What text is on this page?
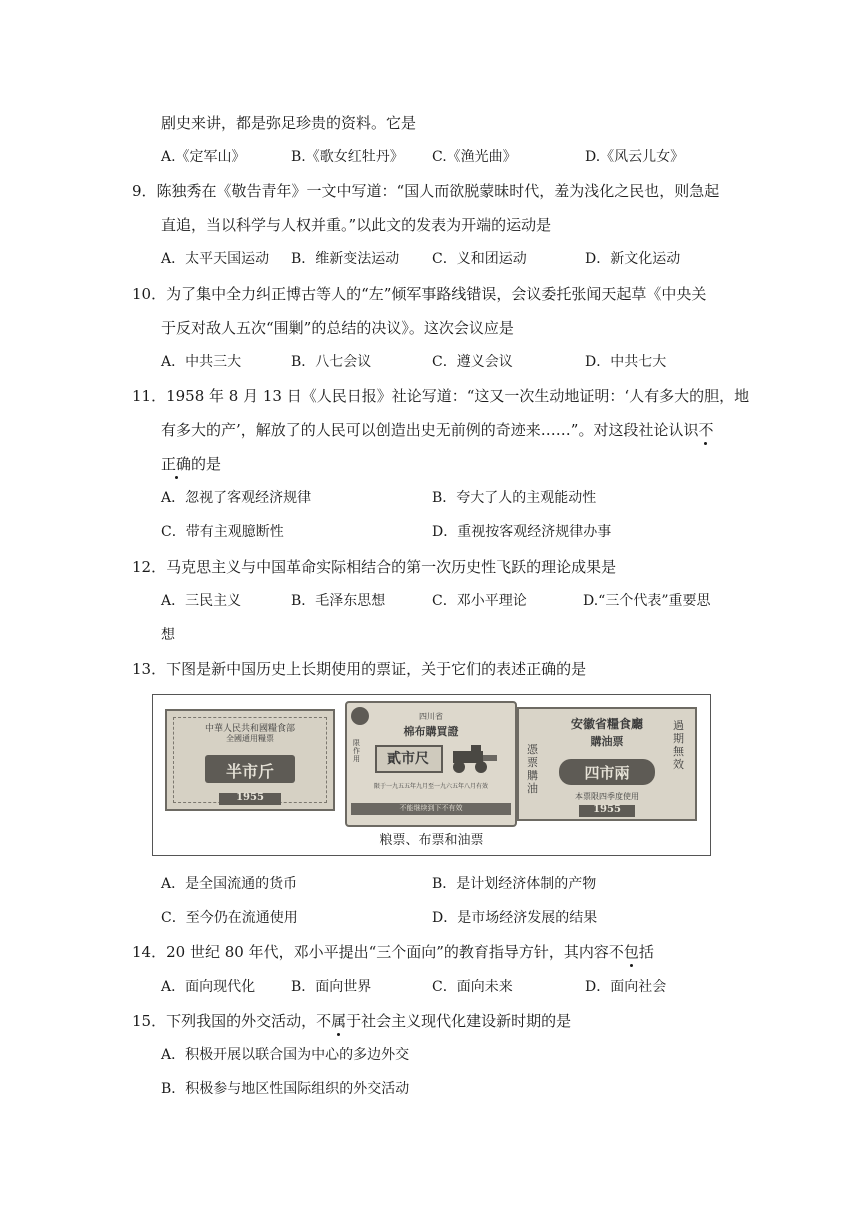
剧史来讲，都是弥足珍贵的资料。它是
A.《定军山》	B.《歌女红牡丹》 C.《渔光曲》	D.《风云儿女》
9．陈独秀在《敬告青年》一文中写道：“国人而欲脱蒙昧时代，羞为浅化之民也，则急起
直追，当以科学与人权并重。”以此文的发表为开端的运动是
A．太平天国运动 B．维新变法运动 C．义和团运动	D．新文化运动
10．为了集中全力纠正博古等人的“左”倾军事路线错误，会议委托张闻天起草《中央关
于反对敌人五次“围剿”的总结的决议》。这次会议应是
A．中共三大	B．八七会议	C．遵义会议	D．中共七大
11．1958 年 8 月 13 日《人民日报》社论写道：“这又一次生动地证明：‘人有多大的胆，地
有多大的产’，解放了的人民可以创造出史无前例的奇迹来……”。对这段社论认识不
正确的是
A．忽视了客观经济规律	B．夸大了人的主观能动性
C．带有主观臆断性	D．重视按客观经济规律办事
12．马克思主义与中国革命实际相结合的第一次历史性飞跃的理论成果是
A．三民主义	B．毛泽东思想	C．邓小平理论	D.“三个代表”重要思
想
13．下图是新中国历史上长期使用的票证，关于它们的表述正确的是
中華人民共和國糧食部
全國通用糧票
半市斤
1955
四川省
棉布購買證
貳市尺
限作用
限于一九五五年九月至一九六五年八月有效
不能继续到下不有效
安徽省糧食廳
購油票
憑票購油
過期無效
四市兩
本票限四季度使用
1955
粮票、布票和油票
A．是全国流通的货币	B．是计划经济体制的产物
C．至今仍在流通使用	D．是市场经济发展的结果
14．20 世纪 80 年代，邓小平提出“三个面向”的教育指导方针，其内容不包括
A．面向现代化	B．面向世界	C．面向未来	D．面向社会
15．下列我国的外交活动，不属于社会主义现代化建设新时期的是
A．积极开展以联合国为中心的多边外交
B．积极参与地区性国际组织的外交活动
